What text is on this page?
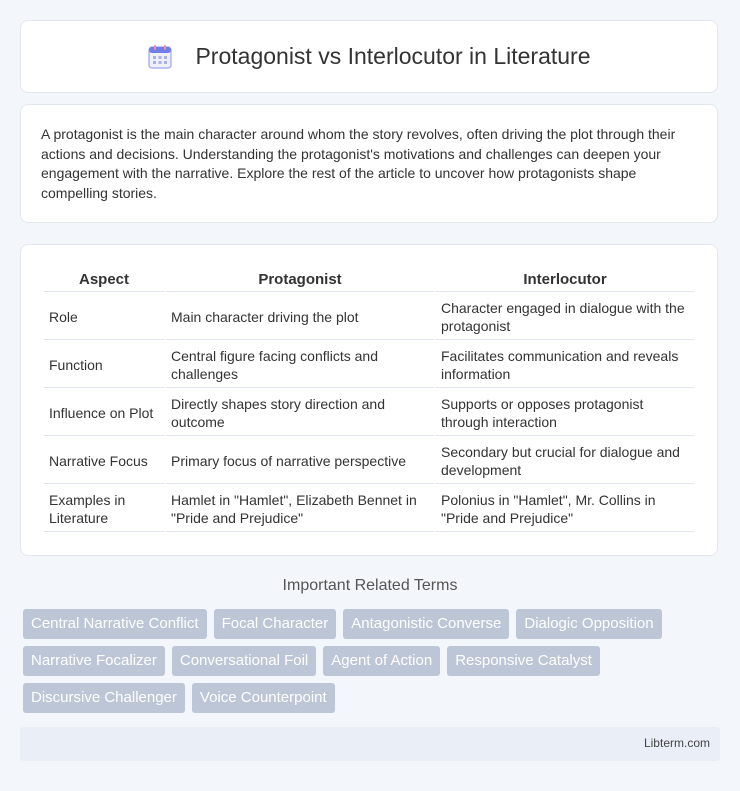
Protagonist vs Interlocutor in Literature

A protagonist is the main character around whom the story revolves, often driving the plot through their actions and decisions. Understanding the protagonist's motivations and challenges can deepen your engagement with the narrative. Explore the rest of the article to uncover how protagonists shape compelling stories.

Aspect	Protagonist	Interlocutor
Role	Main character driving the plot	Character engaged in dialogue with the protagonist
Function	Central figure facing conflicts and challenges	Facilitates communication and reveals information
Influence on Plot	Directly shapes story direction and outcome	Supports or opposes protagonist through interaction
Narrative Focus	Primary focus of narrative perspective	Secondary but crucial for dialogue and development
Examples in Literature	Hamlet in "Hamlet", Elizabeth Bennet in "Pride and Prejudice"	Polonius in "Hamlet", Mr. Collins in "Pride and Prejudice"
Important Related Terms
Central Narrative Conflict	Focal Character	Antagonistic Converse	Dialogic Opposition
Narrative Focalizer	Conversational Foil	Agent of Action	Responsive Catalyst
Discursive Challenger	Voice Counterpoint
Libterm.com
